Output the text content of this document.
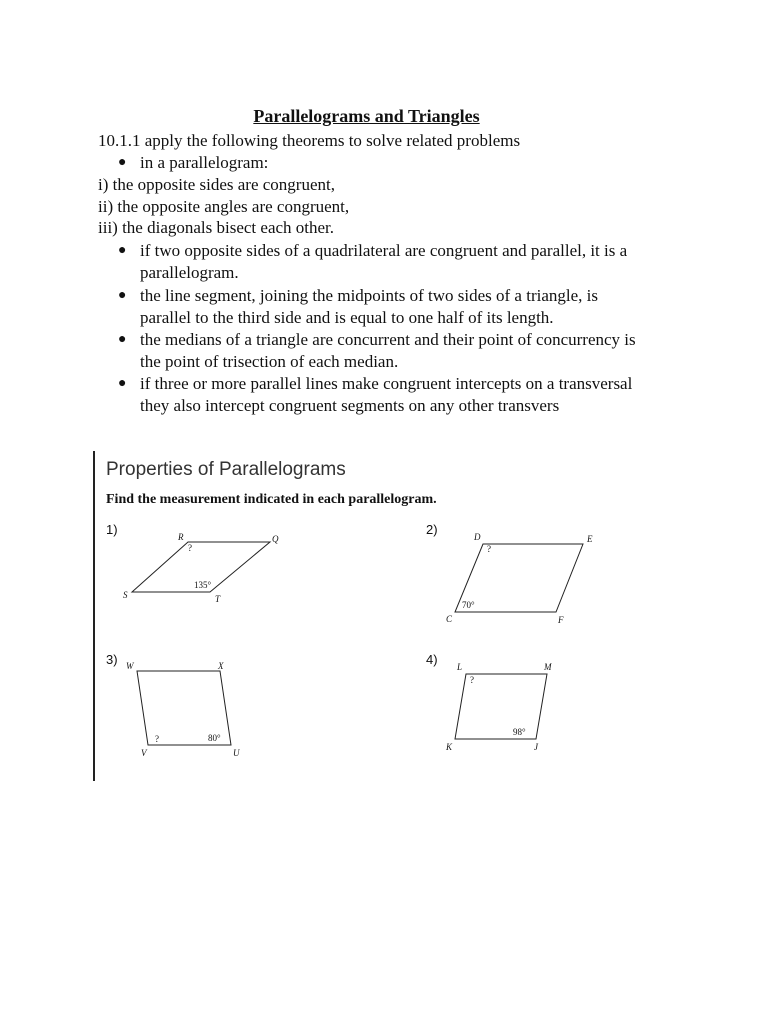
Parallelograms and Triangles
10.1.1 apply the following theorems to solve related problems
● in a parallelogram:
i) the opposite sides are congruent,
ii) the opposite angles are congruent,
iii) the diagonals bisect each other.
● if two opposite sides of a quadrilateral are congruent and parallel, it is a
parallelogram.
● the line segment, joining the midpoints of two sides of a triangle, is
parallel to the third side and is equal to one half of its length.
● the medians of a triangle are concurrent and their point of concurrency is
the point of trisection of each median.
● if three or more parallel lines make congruent intercepts on a transversal
they also intercept congruent segments on any other transvers
Properties of Parallelograms
Find the measurement indicated in each parallelogram.
1)	R	Q
S	T
?
135°
2)	D	E
C	F
?
70°
3) W	X
V	U
?	80°
4) L	M
K	J
?
98°
